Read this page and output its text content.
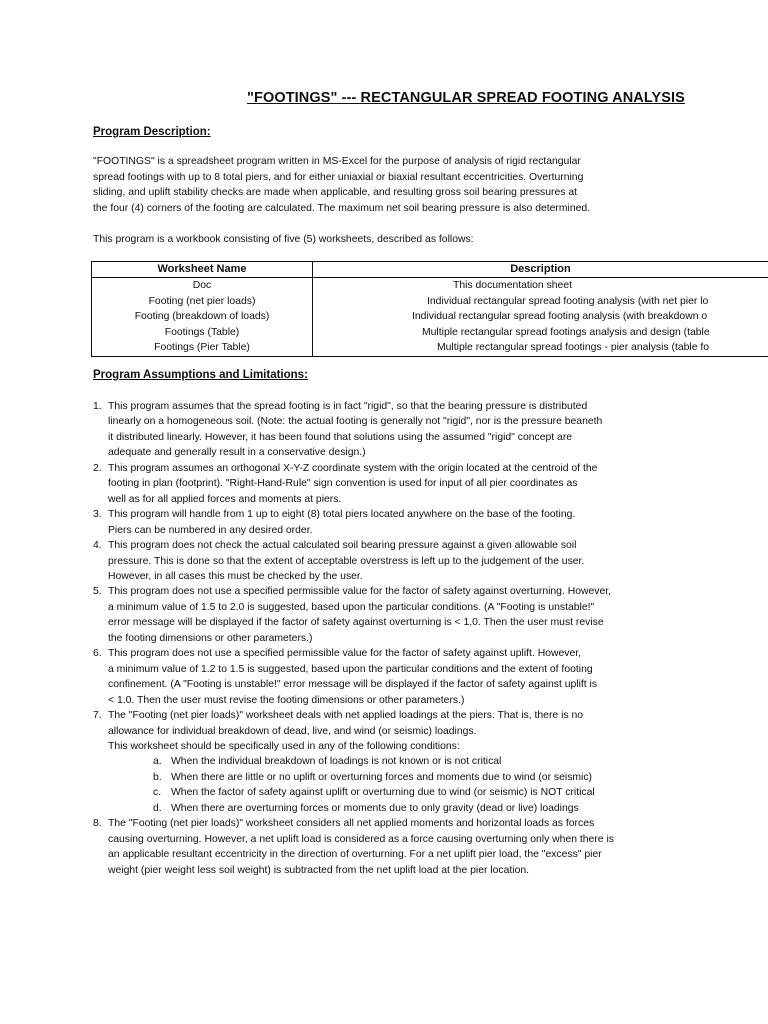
"FOOTINGS" --- RECTANGULAR SPREAD FOOTING ANALYSIS
Program Description:
"FOOTINGS" is a spreadsheet program written in MS-Excel for the purpose of analysis of rigid rectangular
spread footings with up to 8 total piers, and for either uniaxial or biaxial resultant eccentricities. Overturning
sliding, and uplift stability checks are made when applicable, and resulting gross soil bearing pressures at
the four (4) corners of the footing are calculated. The maximum net soil bearing pressure is also determined.
This program is a workbook consisting of five (5) worksheets, described as follows:
Worksheet Name	Description
Doc	This documentation sheet
Footing (net pier loads)	Individual rectangular spread footing analysis (with net pier lo
Footing (breakdown of loads)	Individual rectangular spread footing analysis (with breakdown o
Footings (Table)	Multiple rectangular spread footings analysis and design (table
Footings (Pier Table)	Multiple rectangular spread footings - pier analysis (table fo
Program Assumptions and Limitations:
1. This program assumes that the spread footing is in fact "rigid", so that the bearing pressure is distributed
linearly on a homogeneous soil. (Note: the actual footing is generally not "rigid", nor is the pressure beaneth
it distributed linearly. However, it has been found that solutions using the assumed "rigid" concept are
adequate and generally result in a conservative design.)
2. This program assumes an orthogonal X-Y-Z coordinate system with the origin located at the centroid of the
footing in plan (footprint). "Right-Hand-Rule" sign convention is used for input of all pier coordinates as
well as for all applied forces and moments at piers.
3. This program will handle from 1 up to eight (8) total piers located anywhere on the base of the footing.
Piers can be numbered in any desired order.
4. This program does not check the actual calculated soil bearing pressure against a given allowable soil
pressure. This is done so that the extent of acceptable overstress is left up to the judgement of the user.
However, in all cases this must be checked by the user.
5. This program does not use a specified permissible value for the factor of safety against overturning. However,
a minimum value of 1.5 to 2.0 is suggested, based upon the particular conditions. (A "Footing is unstable!"
error message will be displayed if the factor of safety against overturning is < 1.0. Then the user must revise
the footing dimensions or other parameters.)
6. This program does not use a specified permissible value for the factor of safety against uplift. However,
a minimum value of 1.2 to 1.5 is suggested, based upon the particular conditions and the extent of footing
confinement. (A "Footing is unstable!" error message will be displayed if the factor of safety against uplift is
< 1.0. Then the user must revise the footing dimensions or other parameters.)
7. The "Footing (net pier loads)" worksheet deals with net applied loadings at the piers. That is, there is no
allowance for individual breakdown of dead, live, and wind (or seismic) loadings.
This worksheet should be specifically used in any of the following conditions:
a. When the individual breakdown of loadings is not known or is not critical
b. When there are little or no uplift or overturning forces and moments due to wind (or seismic)
c. When the factor of safety against uplift or overturning due to wind (or seismic) is NOT critical
d. When there are overturning forces or moments due to only gravity (dead or live) loadings
8. The "Footing (net pier loads)" worksheet considers all net applied moments and horizontal loads as forces
causing overturning. However, a net uplift load is considered as a force causing overturning only when there is
an applicable resultant eccentricity in the direction of overturning. For a net uplift pier load, the "excess" pier
weight (pier weight less soil weight) is subtracted from the net uplift load at the pier location.
